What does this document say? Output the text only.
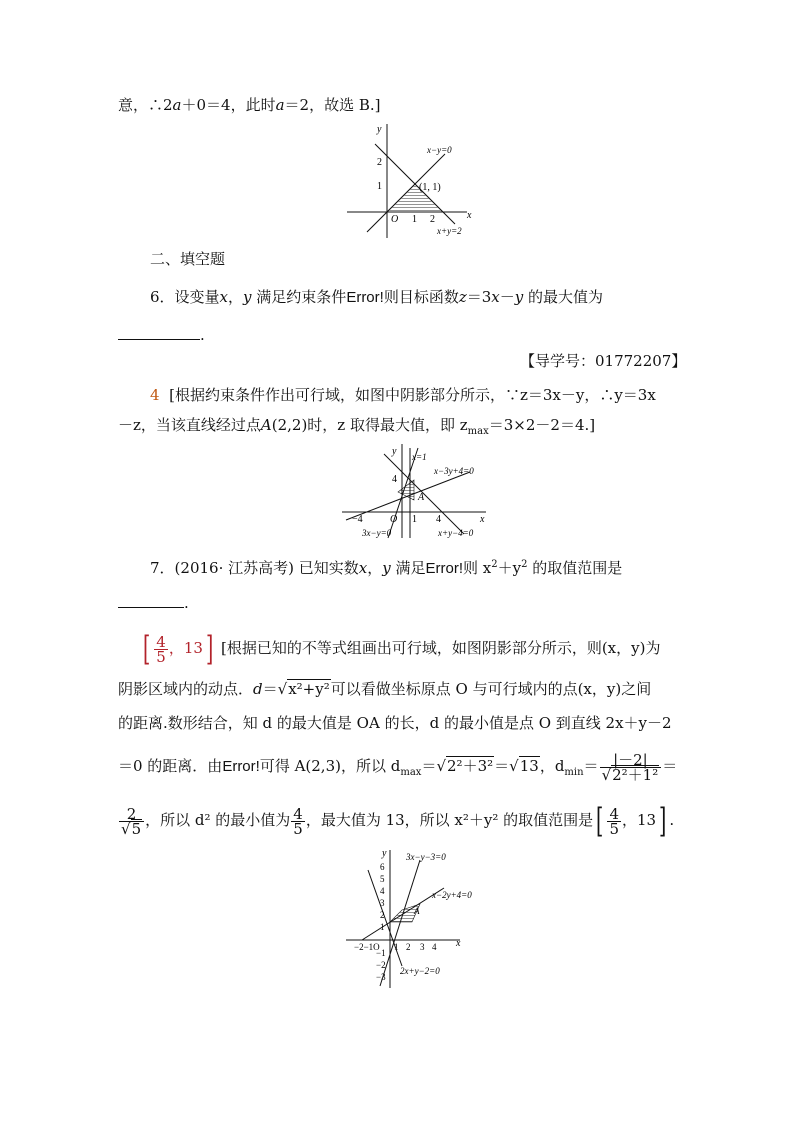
意，∴2a＋0＝4，此时a＝2，故选 B.]
y
x
2
1
O 1 2
x−y=0
(1, 1)
x+y=2
二、填空题
6．设变量x，y 满足约束条件Error!则目标函数z＝3x－y 的最大值为
.
【导学号：01772207】
4 [根据约束条件作出可行域，如图中阴影部分所示，∵z＝3x－y，∴y＝3x
－z，当该直线经过点A(2,2)时，z 取得最大值，即 $z_{max}=3\times 2-2=4$.]
y x=1
x−3y+4=0
4
A
−4	O 1 4	x
3x−y=0	x+y−4=0
7．(2016· 江苏高考) 已知实数x，y 满足Error!则 $x^2+y^2$ 的取值范围是
.
[ $\frac{4}{5}$ ，13] [根据已知的不等式组画出可行域，如图阴影部分所示，则(x，y)为
阴影区域内的动点．d＝√x²+y²可以看做坐标原点 O 与可行域内的点(x，y)之间
的距离.数形结合，知 d 的最大值是 OA 的长，d 的最小值是点 O 到直线 2x＋y－2
＝0 的距离．由Error!可得 A(2,3)，所以 $d_{max}=√2^2+3^2=√13$，$d_{min}= \frac{|-2|}{\text{√2²＋1²}}$ ＝
$\frac{2}{√5}$ ，所以 d² 的最小值为 $\frac{4}{5}$ ，最大值为 13，所以 x²＋y² 的取值范围是[ $\frac{4}{5}$ ，13] .
y 3x−y−3=0
6
5
4
3
2
1
x−2y+4=0
A
−2−1O 1 2 3 4 x
−1
−2
−3
2x+y−2=0
